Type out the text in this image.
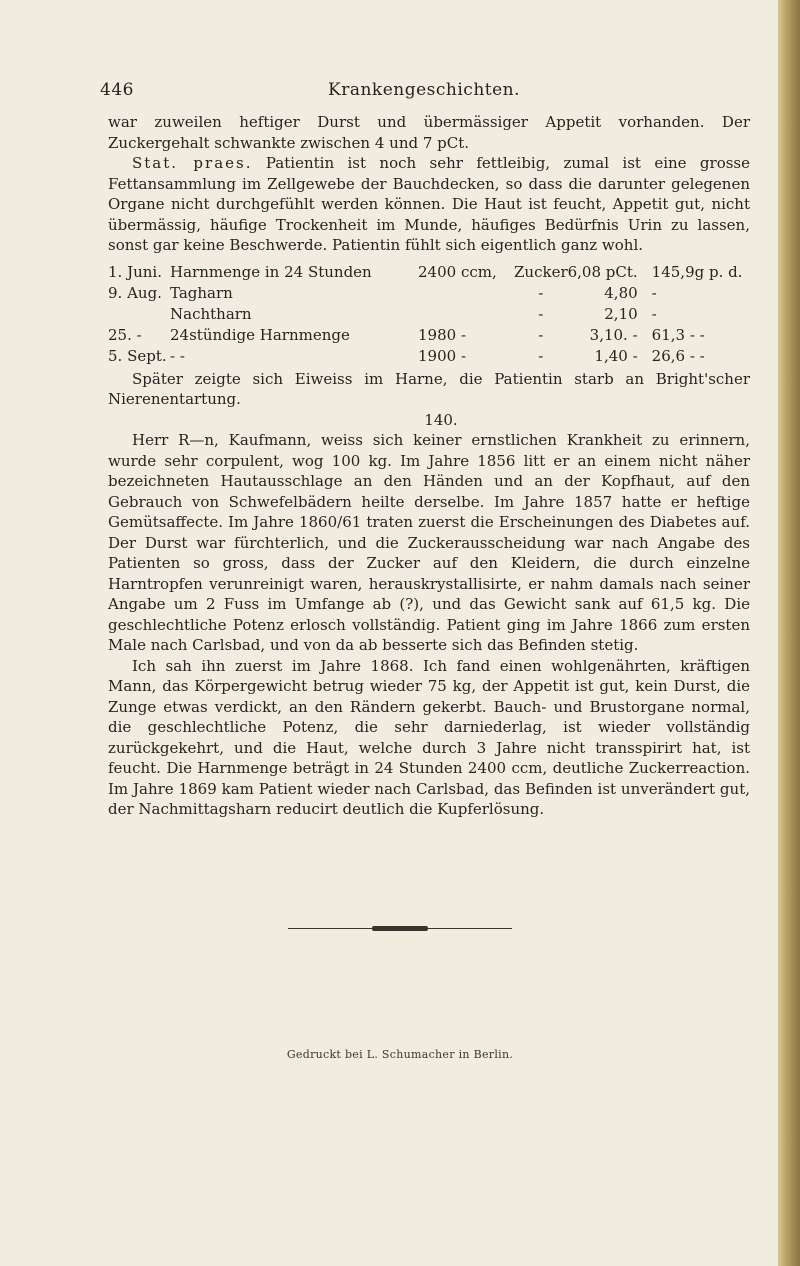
446	Krankengeschichten.

war zuweilen heftiger Durst und übermässiger Appetit vorhanden. Der Zuckergehalt schwankte zwischen 4 und 7 pCt.

Stat. praes. Patientin ist noch sehr fettleibig, zumal ist eine grosse Fettansammlung im Zellgewebe der Bauchdecken, so dass die darunter gelegenen Organe nicht durchgefühlt werden können. Die Haut ist feucht, Appetit gut, nicht übermässig, häufige Trockenheit im Munde, häufiges Bedürfnis Urin zu lassen, sonst gar keine Beschwerde. Patientin fühlt sich eigentlich ganz wohl.

1. Juni.	Harnmenge in 24 Stunden	2400 ccm,	Zucker	6,08 pCt.	145,9g p. d.
9. Aug.	Tagharn		-	4,80	-
	Nachtharn		-	2,10	-
25. -	24stündige Harnmenge	1980 -	-	3,10. -	61,3 - -
5. Sept.	- -	1900 -	-	1,40 -	26,6 - -

Später zeigte sich Eiweiss im Harne, die Patientin starb an Bright'scher Nierenentartung.

140.

Herr R—n, Kaufmann, weiss sich keiner ernstlichen Krankheit zu erinnern, wurde sehr corpulent, wog 100 kg. Im Jahre 1856 litt er an einem nicht näher bezeichneten Hautausschlage an den Händen und an der Kopfhaut, auf den Gebrauch von Schwefelbädern heilte derselbe. Im Jahre 1857 hatte er heftige Gemütsaffecte. Im Jahre 1860/61 traten zuerst die Erscheinungen des Diabetes auf. Der Durst war fürchterlich, und die Zuckerausscheidung war nach Angabe des Patienten so gross, dass der Zucker auf den Kleidern, die durch einzelne Harntropfen verunreinigt waren, herauskrystallisirte, er nahm damals nach seiner Angabe um 2 Fuss im Umfange ab (?), und das Gewicht sank auf 61,5 kg. Die geschlechtliche Potenz erlosch vollständig. Patient ging im Jahre 1866 zum ersten Male nach Carlsbad, und von da ab besserte sich das Befinden stetig.

Ich sah ihn zuerst im Jahre 1868. Ich fand einen wohlgenährten, kräftigen Mann, das Körpergewicht betrug wieder 75 kg, der Appetit ist gut, kein Durst, die Zunge etwas verdickt, an den Rändern gekerbt. Bauch- und Brustorgane normal, die geschlechtliche Potenz, die sehr darniederlag, ist wieder vollständig zurückgekehrt, und die Haut, welche durch 3 Jahre nicht transspirirt hat, ist feucht. Die Harnmenge beträgt in 24 Stunden 2400 ccm, deutliche Zuckerreaction. Im Jahre 1869 kam Patient wieder nach Carlsbad, das Befinden ist unverändert gut, der Nachmittagsharn reducirt deutlich die Kupferlösung.

Gedruckt bei L. Schumacher in Berlin.
